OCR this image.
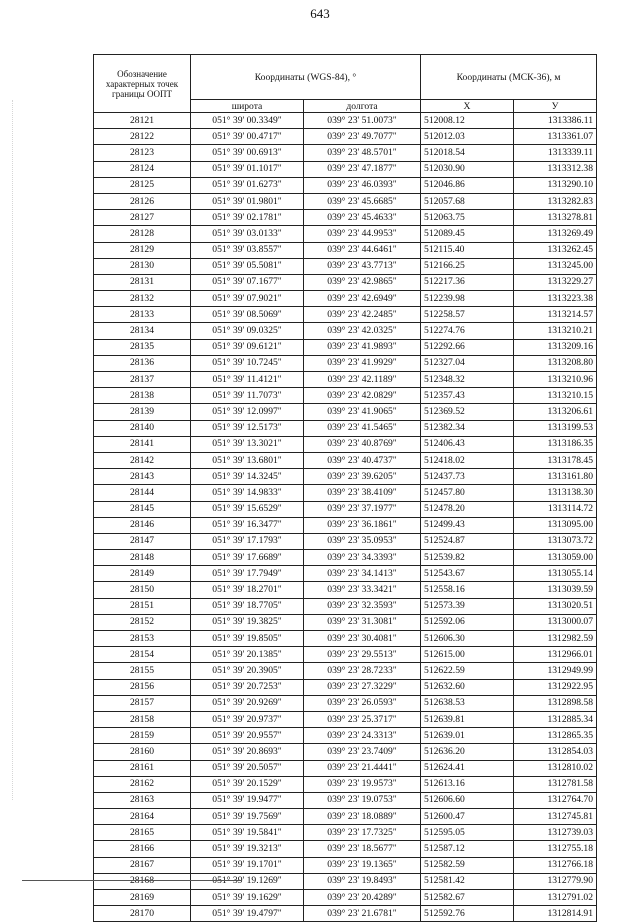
643
Обозначение характерных точек границы ООПТ	Координаты (WGS-84), °		Координаты (МСК-36), м	
	широта	долгота	Х	У
28121	051° 39' 00.3349"	039° 23' 51.0073"	512008.12	1313386.11
28122	051° 39' 00.4717"	039° 23' 49.7077"	512012.03	1313361.07
28123	051° 39' 00.6913"	039° 23' 48.5701"	512018.54	1313339.11
28124	051° 39' 01.1017"	039° 23' 47.1877"	512030.90	1313312.38
28125	051° 39' 01.6273"	039° 23' 46.0393"	512046.86	1313290.10
28126	051° 39' 01.9801"	039° 23' 45.6685"	512057.68	1313282.83
28127	051° 39' 02.1781"	039° 23' 45.4633"	512063.75	1313278.81
28128	051° 39' 03.0133"	039° 23' 44.9953"	512089.45	1313269.49
28129	051° 39' 03.8557"	039° 23' 44.6461"	512115.40	1313262.45
28130	051° 39' 05.5081"	039° 23' 43.7713"	512166.25	1313245.00
28131	051° 39' 07.1677"	039° 23' 42.9865"	512217.36	1313229.27
28132	051° 39' 07.9021"	039° 23' 42.6949"	512239.98	1313223.38
28133	051° 39' 08.5069"	039° 23' 42.2485"	512258.57	1313214.57
28134	051° 39' 09.0325"	039° 23' 42.0325"	512274.76	1313210.21
28135	051° 39' 09.6121"	039° 23' 41.9893"	512292.66	1313209.16
28136	051° 39' 10.7245"	039° 23' 41.9929"	512327.04	1313208.80
28137	051° 39' 11.4121"	039° 23' 42.1189"	512348.32	1313210.96
28138	051° 39' 11.7073"	039° 23' 42.0829"	512357.43	1313210.15
28139	051° 39' 12.0997"	039° 23' 41.9065"	512369.52	1313206.61
28140	051° 39' 12.5173"	039° 23' 41.5465"	512382.34	1313199.53
28141	051° 39' 13.3021"	039° 23' 40.8769"	512406.43	1313186.35
28142	051° 39' 13.6801"	039° 23' 40.4737"	512418.02	1313178.45
28143	051° 39' 14.3245"	039° 23' 39.6205"	512437.73	1313161.80
28144	051° 39' 14.9833"	039° 23' 38.4109"	512457.80	1313138.30
28145	051° 39' 15.6529"	039° 23' 37.1977"	512478.20	1313114.72
28146	051° 39' 16.3477"	039° 23' 36.1861"	512499.43	1313095.00
28147	051° 39' 17.1793"	039° 23' 35.0953"	512524.87	1313073.72
28148	051° 39' 17.6689"	039° 23' 34.3393"	512539.82	1313059.00
28149	051° 39' 17.7949"	039° 23' 34.1413"	512543.67	1313055.14
28150	051° 39' 18.2701"	039° 23' 33.3421"	512558.16	1313039.59
28151	051° 39' 18.7705"	039° 23' 32.3593"	512573.39	1313020.51
28152	051° 39' 19.3825"	039° 23' 31.3081"	512592.06	1313000.07
28153	051° 39' 19.8505"	039° 23' 30.4081"	512606.30	1312982.59
28154	051° 39' 20.1385"	039° 23' 29.5513"	512615.00	1312966.01
28155	051° 39' 20.3905"	039° 23' 28.7233"	512622.59	1312949.99
28156	051° 39' 20.7253"	039° 23' 27.3229"	512632.60	1312922.95
28157	051° 39' 20.9269"	039° 23' 26.0593"	512638.53	1312898.58
28158	051° 39' 20.9737"	039° 23' 25.3717"	512639.81	1312885.34
28159	051° 39' 20.9557"	039° 23' 24.3313"	512639.01	1312865.35
28160	051° 39' 20.8693"	039° 23' 23.7409"	512636.20	1312854.03
28161	051° 39' 20.5057"	039° 23' 21.4441"	512624.41	1312810.02
28162	051° 39' 20.1529"	039° 23' 19.9573"	512613.16	1312781.58
28163	051° 39' 19.9477"	039° 23' 19.0753"	512606.60	1312764.70
28164	051° 39' 19.7569"	039° 23' 18.0889"	512600.47	1312745.81
28165	051° 39' 19.5841"	039° 23' 17.7325"	512595.05	1312739.03
28166	051° 39' 19.3213"	039° 23' 18.5677"	512587.12	1312755.18
28167	051° 39' 19.1701"	039° 23' 19.1365"	512582.59	1312766.18
28168	051° 39' 19.1269"	039° 23' 19.8493"	512581.42	1312779.90
28169	051° 39' 19.1629"	039° 23' 20.4289"	512582.67	1312791.02
28170	051° 39' 19.4797"	039° 23' 21.6781"	512592.76	1312814.91
